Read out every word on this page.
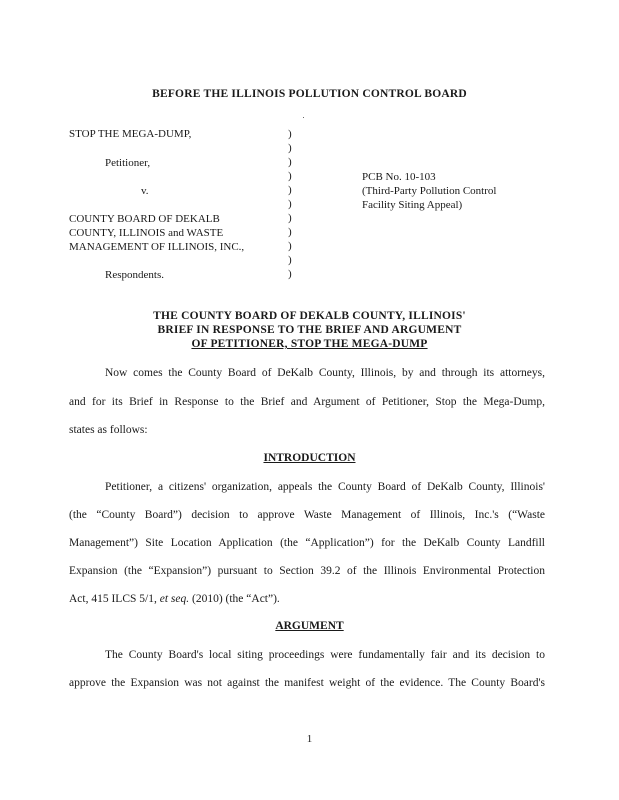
BEFORE THE ILLINOIS POLLUTION CONTROL BOARD
STOP THE MEGA-DUMP,
Petitioner,
v.
COUNTY BOARD OF DEKALB
COUNTY, ILLINOIS and WASTE
MANAGEMENT OF ILLINOIS, INC.,
Respondents.
)
)
)
)
)
)
)
)
)
)
)
PCB No. 10-103
(Third-Party Pollution Control
Facility Siting Appeal)
THE COUNTY BOARD OF DEKALB COUNTY, ILLINOIS'
BRIEF IN RESPONSE TO THE BRIEF AND ARGUMENT
OF PETITIONER, STOP THE MEGA-DUMP
Now comes the County Board of DeKalb County, Illinois, by and through its attorneys,
and for its Brief in Response to the Brief and Argument of Petitioner, Stop the Mega-Dump,
states as follows:
INTRODUCTION
Petitioner, a citizens' organization, appeals the County Board of DeKalb County, Illinois'
(the “County Board”) decision to approve Waste Management of Illinois, Inc.'s (“Waste
Management”) Site Location Application (the “Application”) for the DeKalb County Landfill
Expansion (the “Expansion”) pursuant to Section 39.2 of the Illinois Environmental Protection
Act, 415 ILCS 5/1, et seq. (2010) (the “Act”).
ARGUMENT
The County Board's local siting proceedings were fundamentally fair and its decision to
approve the Expansion was not against the manifest weight of the evidence. The County Board's
1
